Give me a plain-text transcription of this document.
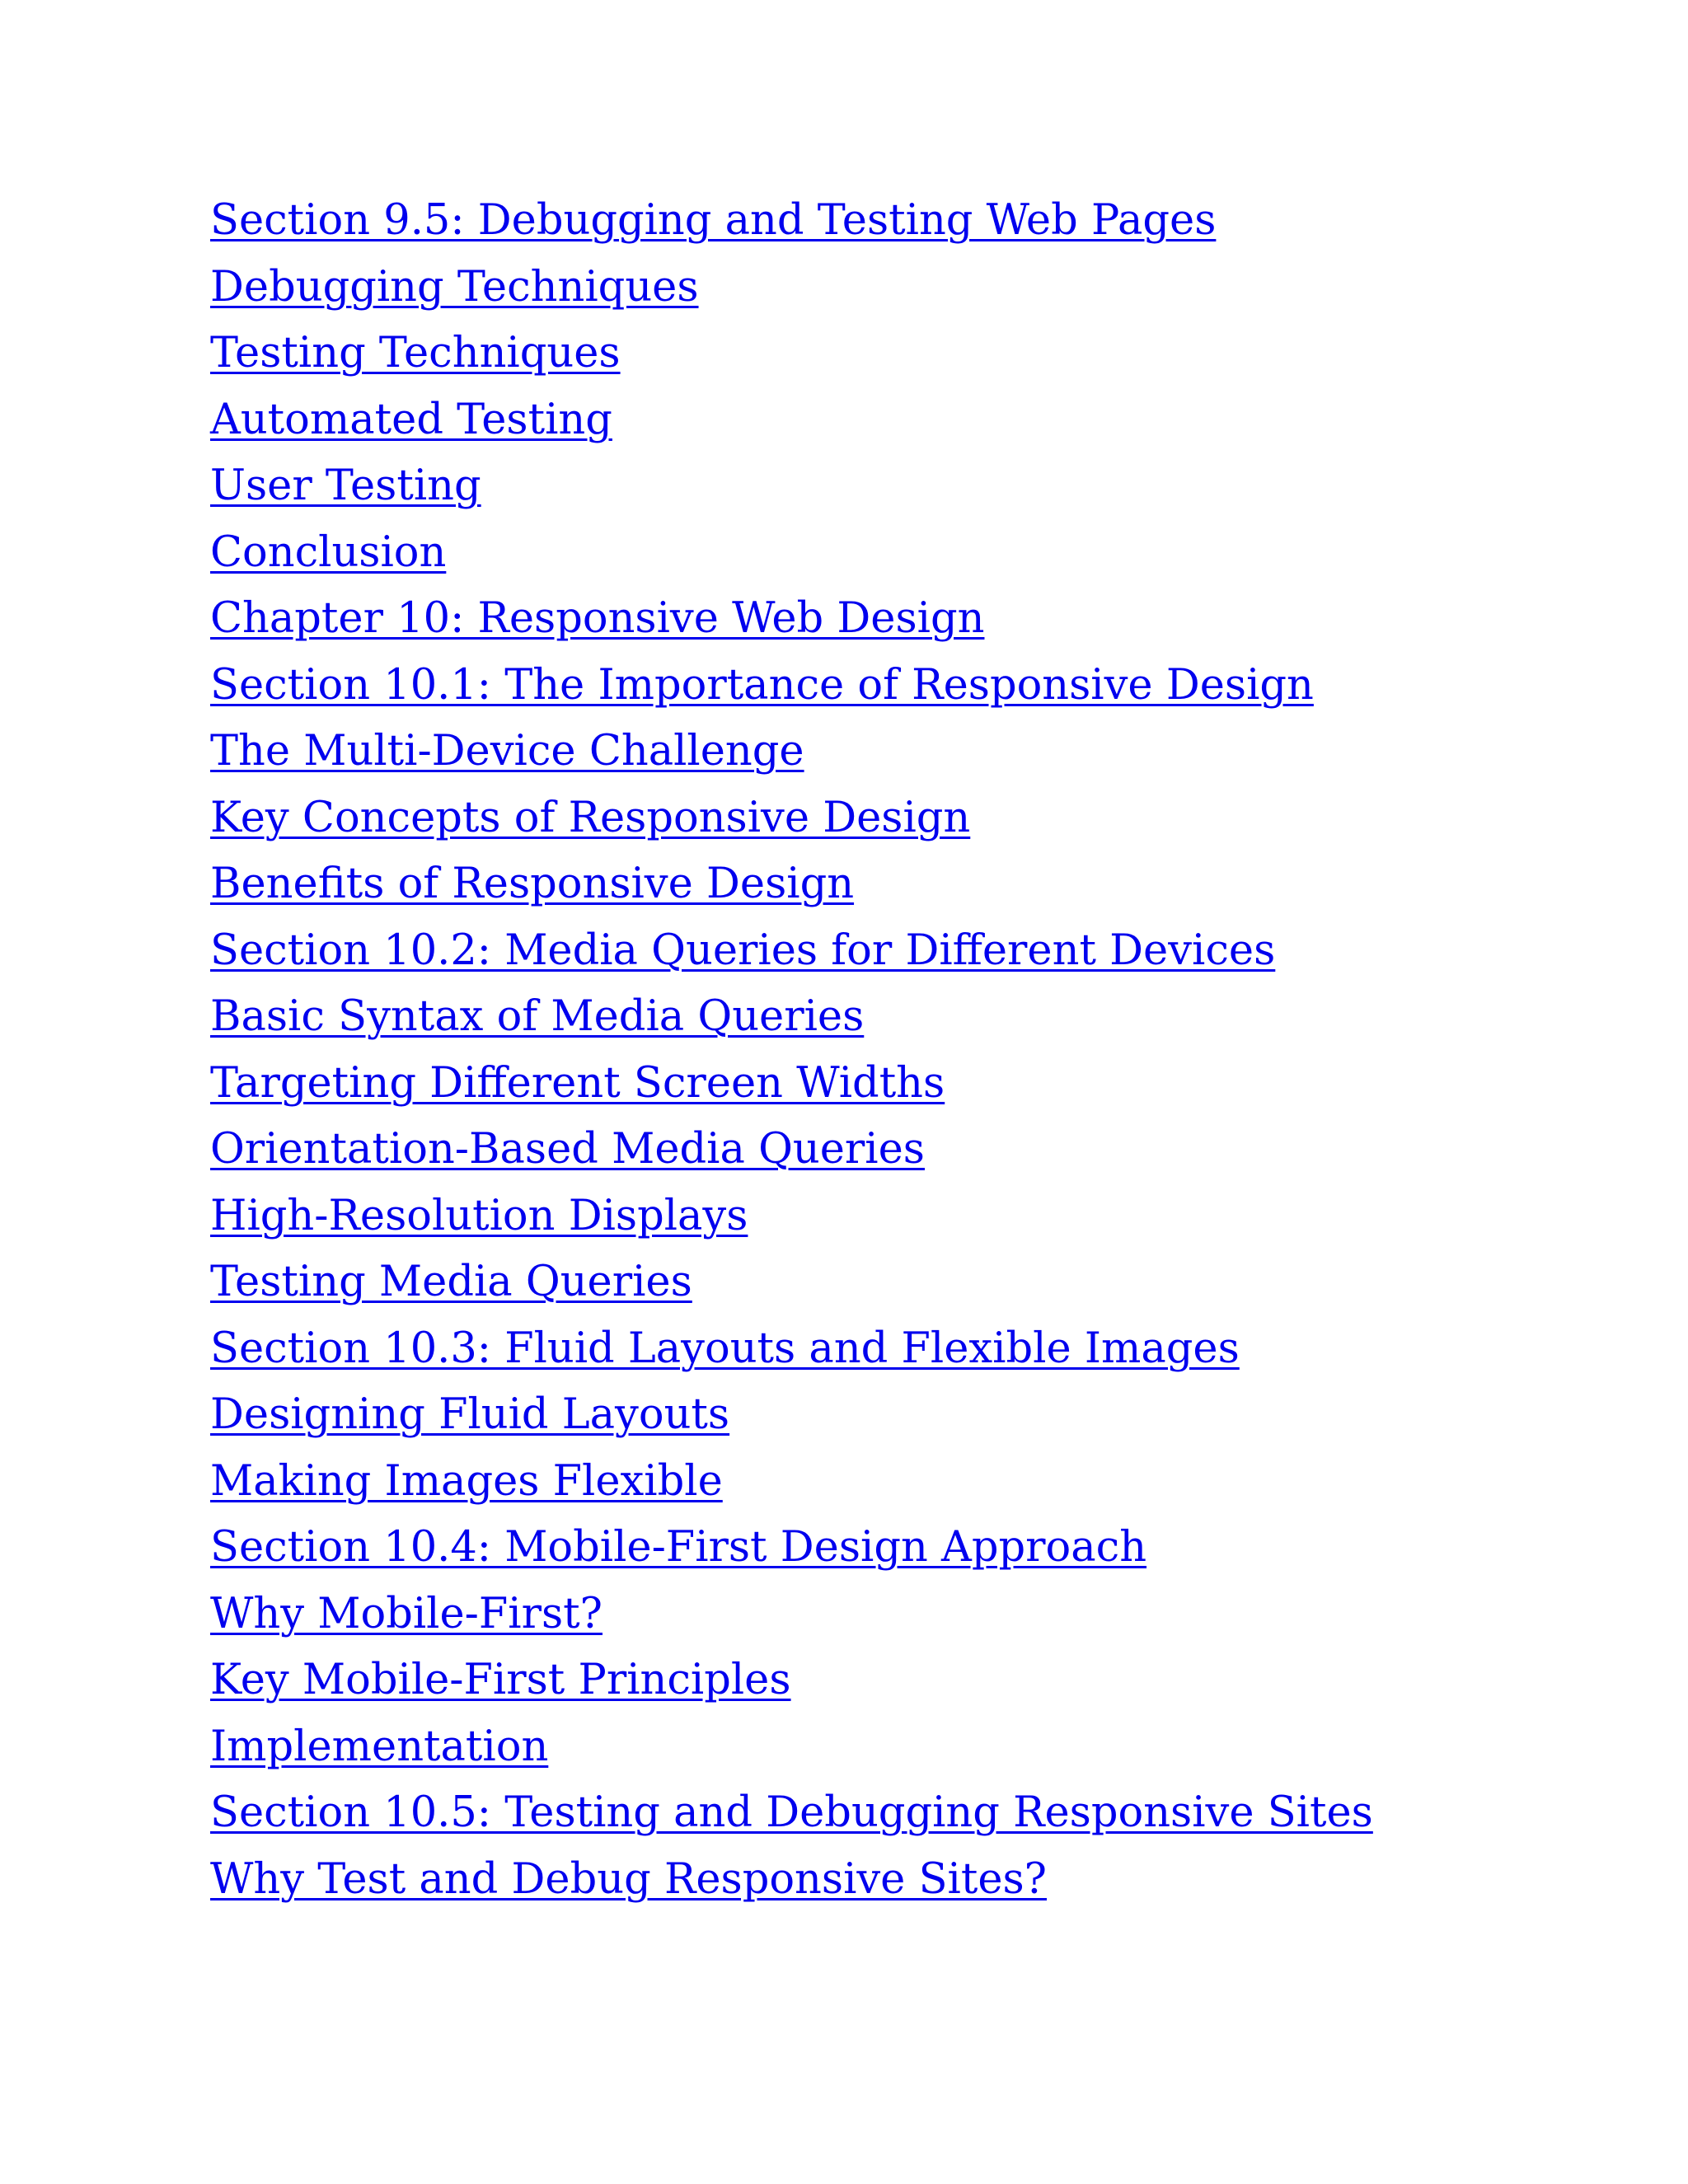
Section 9.5: Debugging and Testing Web Pages
Debugging Techniques
Testing Techniques
Automated Testing
User Testing
Conclusion
Chapter 10: Responsive Web Design
Section 10.1: The Importance of Responsive Design
The Multi-Device Challenge
Key Concepts of Responsive Design
Benefits of Responsive Design
Section 10.2: Media Queries for Different Devices
Basic Syntax of Media Queries
Targeting Different Screen Widths
Orientation-Based Media Queries
High-Resolution Displays
Testing Media Queries
Section 10.3: Fluid Layouts and Flexible Images
Designing Fluid Layouts
Making Images Flexible
Section 10.4: Mobile-First Design Approach
Why Mobile-First?
Key Mobile-First Principles
Implementation
Section 10.5: Testing and Debugging Responsive Sites
Why Test and Debug Responsive Sites?
